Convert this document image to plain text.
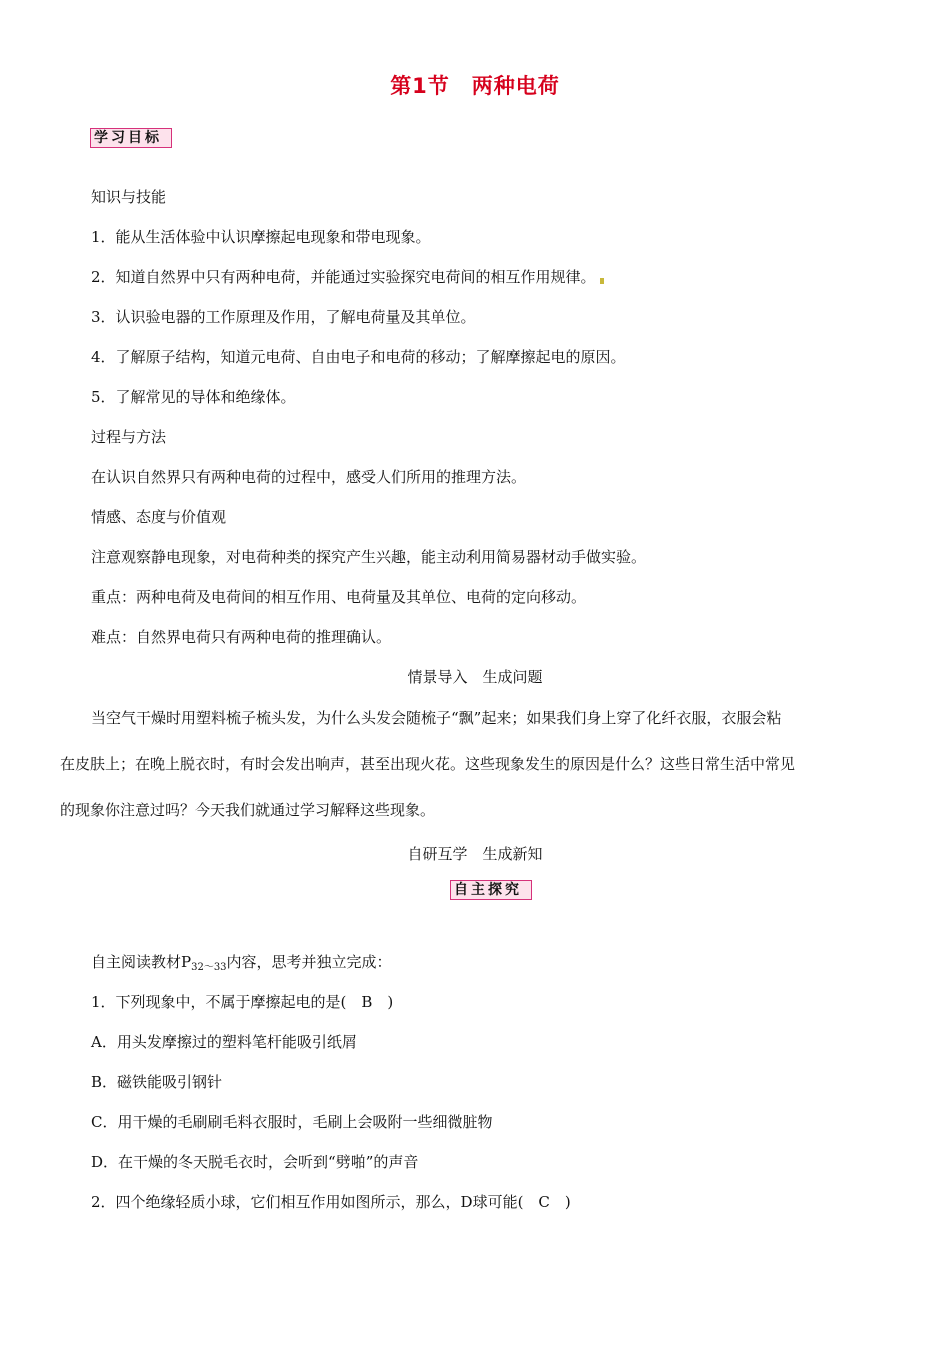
第1节　两种电荷
学习目标
知识与技能
1．能从生活体验中认识摩擦起电现象和带电现象。
2．知道自然界中只有两种电荷，并能通过实验探究电荷间的相互作用规律。
3．认识验电器的工作原理及作用，了解电荷量及其单位。
4．了解原子结构，知道元电荷、自由电子和电荷的移动；了解摩擦起电的原因。
5．了解常见的导体和绝缘体。
过程与方法
在认识自然界只有两种电荷的过程中，感受人们所用的推理方法。
情感、态度与价值观
注意观察静电现象，对电荷种类的探究产生兴趣，能主动利用简易器材动手做实验。
重点：两种电荷及电荷间的相互作用、电荷量及其单位、电荷的定向移动。
难点：自然界电荷只有两种电荷的推理确认。
情景导入　生成问题
当空气干燥时用塑料梳子梳头发，为什么头发会随梳子“飘”起来；如果我们身上穿了化纤衣服，衣服会粘
在皮肤上；在晚上脱衣时，有时会发出响声，甚至出现火花。这些现象发生的原因是什么？这些日常生活中常见
的现象你注意过吗？今天我们就通过学习解释这些现象。
自研互学　生成新知
自主探究
自主阅读教材$P_{32\sim 33}$内容，思考并独立完成：
1．下列现象中，不属于摩擦起电的是(　B　)
A．用头发摩擦过的塑料笔杆能吸引纸屑
B．磁铁能吸引钢针
C．用干燥的毛刷刷毛料衣服时，毛刷上会吸附一些细微脏物
D．在干燥的冬天脱毛衣时，会听到“劈啪”的声音
2．四个绝缘轻质小球，它们相互作用如图所示，那么，D球可能(　C　)
